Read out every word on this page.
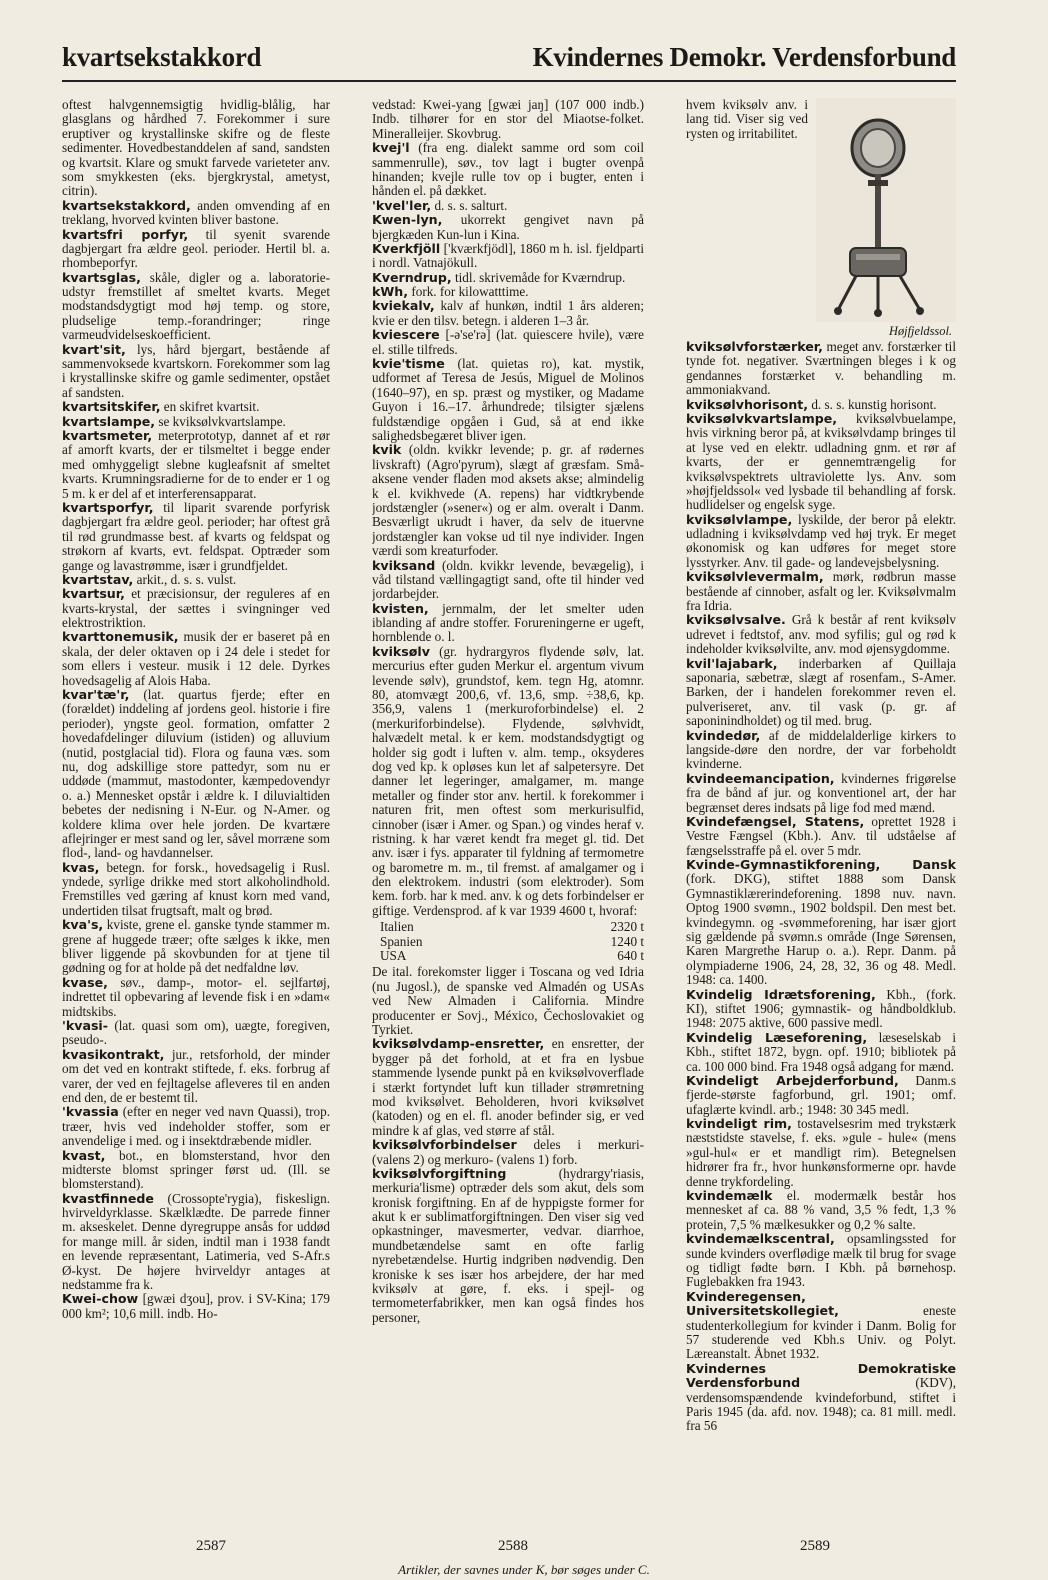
kvartsekstakkord	Kvindernes Demokr. Verdensforbund

oftest halvgennemsigtig hvidlig-blålig, har glasglans og hårdhed 7. Forekommer i sure eruptiver og krystallinske skifre og de fleste sedimenter. Hovedbestanddelen af sand, sandsten og kvartsit. Klare og smukt farvede varieteter anv. som smykkesten (eks. bjergkrystal, ametyst, citrin).

kvartsekstakkord, anden omvending af en treklang, hvorved kvinten bliver bastone.

kvartsfri porfyr, til syenit svarende dagbjergart fra ældre geol. perioder. Hertil bl. a. rhombeporfyr.

kvartsglas, skåle, digler og a. laboratorie-udstyr fremstillet af smeltet kvarts. Meget modstandsdygtigt mod høj temp. og store, pludselige temp.-forandringer; ringe varmeudvidelseskoefficient.

kvart'sit, lys, hård bjergart, bestående af sammenvoksede kvartskorn. Forekommer som lag i krystallinske skifre og gamle sedimenter, opstået af sandsten.

kvartsitskifer, en skifret kvartsit.

kvartslampe, se kviksølvkvartslampe.

kvartsmeter, meterprototyp, dannet af et rør af amorft kvarts, der er tilsmeltet i begge ender med omhyggeligt slebne kugleafsnit af smeltet kvarts. Krumningsradierne for de to ender er 1 og 5 m. k er del af et interferensapparat.

kvartsporfyr, til liparit svarende porfyrisk dagbjergart fra ældre geol. perioder; har oftest grå til rød grundmasse best. af kvarts og feldspat og strøkorn af kvarts, evt. feldspat. Optræder som gange og lavastrømme, især i grundfjeldet.

kvartstav, arkit., d. s. s. vulst.

kvartsur, et præcisionsur, der reguleres af en kvarts-krystal, der sættes i svingninger ved elektrostriktion.

kvarttonemusik, musik der er baseret på en skala, der deler oktaven op i 24 dele i stedet for som ellers i vesteur. musik i 12 dele. Dyrkes hovedsagelig af Alois Haba.

kvar'tæ'r, (lat. quartus fjerde; efter en (forældet) inddeling af jordens geol. historie i fire perioder), yngste geol. formation, omfatter 2 hovedafdelinger diluvium (istiden) og alluvium (nutid, postglacial tid). Flora og fauna væs. som nu, dog adskillige store pattedyr, som nu er uddøde (mammut, mastodonter, kæmpedovendyr o. a.) Mennesket opstår i ældre k. I diluvialtiden bebetes der nedisning i N-Eur. og N-Amer. og koldere klima over hele jorden. De kvartære aflejringer er mest sand og ler, såvel morræne som flod-, land- og havdannelser.

kvas, betegn. for forsk., hovedsagelig i Rusl. yndede, syrlige drikke med stort alkoholindhold. Fremstilles ved gæring af knust korn med vand, undertiden tilsat frugtsaft, malt og brød.

kva's, kviste, grene el. ganske tynde stammer m. grene af huggede træer; ofte sælges k ikke, men bliver liggende på skovbunden for at tjene til gødning og for at holde på det nedfaldne løv.

kvase, søv., damp-, motor- el. sejlfartøj, indrettet til opbevaring af levende fisk i en »dam« midtskibs.

'kvasi- (lat. quasi som om), uægte, foregiven, pseudo-.

kvasikontrakt, jur., retsforhold, der minder om det ved en kontrakt stiftede, f. eks. forbrug af varer, der ved en fejltagelse afleveres til en anden end den, de er bestemt til.

'kvassia (efter en neger ved navn Quassi), trop. træer, hvis ved indeholder stoffer, som er anvendelige i med. og i insektdræbende midler.

kvast, bot., en blomsterstand, hvor den midterste blomst springer først ud. (Ill. se blomsterstand).

kvastfinnede (Crossopte'rygia), fiskeslign. hvirveldyrklasse. Skælklædte. De parrede finner m. akseskelet. Denne dyregruppe ansås for uddød for mange mill. år siden, indtil man i 1938 fandt en levende repræsentant, Latimeria, ved S-Afr.s Ø-kyst. De højere hvirveldyr antages at nedstamme fra k.

Kwei-chow [gwæi dʒou], prov. i SV-Kina; 179 000 km²; 10,6 mill. indb. Ho-

vedstad: Kwei-yang [gwæi jaŋ] (107 000 indb.) Indb. tilhører for en stor del Miaotse-folket. Mineralleijer. Skovbrug.

kvej'l (fra eng. dialekt samme ord som coil sammenrulle), søv., tov lagt i bugter ovenpå hinanden; kvejle rulle tov op i bugter, enten i hånden el. på dækket.

'kvel'ler, d. s. s. salturt.

Kwen-lyn, ukorrekt gengivet navn på bjergkæden Kun-lun i Kina.

Kverkfjöll ['kværkfjödl], 1860 m h. isl. fjeldparti i nordl. Vatnajökull.

Kverndrup, tidl. skrivemåde for Kværndrup.

kWh, fork. for kilowatttime.

kviekalv, kalv af hunkøn, indtil 1 års alderen; kvie er den tilsv. betegn. i alderen 1–3 år.

kviescere [-ə'se'rə] (lat. quiescere hvile), være el. stille tilfreds.

kvie'tisme (lat. quietas ro), kat. mystik, udformet af Teresa de Jesús, Miguel de Molinos (1640–97), en sp. præst og mystiker, og Madame Guyon i 16.–17. århundrede; tilsigter sjælens fuldstændige opgåen i Gud, så at end ikke salighedsbegæret bliver igen.

kvik (oldn. kvikkr levende; p. gr. af rødernes livskraft) (Agro'pyrum), slægt af græsfam. Små-aksene vender fladen mod aksets akse; almindelig k el. kvikhvede (A. repens) har vidtkrybende jordstængler (»sener«) og er alm. overalt i Danm. Besværligt ukrudt i haver, da selv de ituervne jordstængler kan vokse ud til nye individer. Ingen værdi som kreaturfoder.

kviksand (oldn. kvikkr levende, bevægelig), i våd tilstand vællingagtigt sand, ofte til hinder ved jordarbejder.

kvisten, jernmalm, der let smelter uden iblanding af andre stoffer. Forureningerne er ugeft, hornblende o. l.

kviksølv (gr. hydrargyros flydende sølv, lat. mercurius efter guden Merkur el. argentum vivum levende sølv), grundstof, kem. tegn Hg, atomnr. 80, atomvægt 200,6, vf. 13,6, smp. ÷38,6, kp. 356,9, valens 1 (merkuroforbindelse) el. 2 (merkuriforbindelse). Flydende, sølvhvidt, halvædelt metal. k er kem. modstandsdygtigt og holder sig godt i luften v. alm. temp., oksyderes dog ved kp. k opløses kun let af salpetersyre. Det danner let legeringer, amalgamer, m. mange metaller og finder stor anv. hertil. k forekommer i naturen frit, men oftest som merkurisulfid, cinnober (især i Amer. og Span.) og vindes heraf v. ristning. k har været kendt fra meget gl. tid. Det anv. især i fys. apparater til fyldning af termometre og barometre m. m., til fremst. af amalgamer og i den elektrokem. industri (som elektroder). Som kem. forb. har k med. anv. k og dets forbindelser er giftige. Verdensprod. af k var 1939 4600 t, hvoraf:

Italien	2320 t
Spanien	1240 t
USA	640 t

De ital. forekomster ligger i Toscana og ved Idria (nu Jugosl.), de spanske ved Almadén og USAs ved New Almaden i California. Mindre producenter er Sovj., México, Čechoslovakiet og Tyrkiet.

kviksølvdamp-ensretter, en ensretter, der bygger på det forhold, at et fra en lysbue stammende lysende punkt på en kviksølvoverflade i stærkt fortyndet luft kun tillader strømretning mod kviksølvet. Beholderen, hvori kviksølvet (katoden) og en el. fl. anoder befinder sig, er ved mindre k af glas, ved større af stål.

kviksølvforbindelser deles i merkuri- (valens 2) og merkuro- (valens 1) forb.

kviksølvforgiftning	(hydrargy'riasis, merkuria'lisme) optræder dels som akut, dels som kronisk forgiftning. En af de hyppigste former for akut k er sublimatforgiftningen. Den viser sig ved opkastninger, mavesmerter, vedvar. diarrhoe, mundbetændelse samt en ofte farlig nyrebetændelse. Hurtig indgriben nødvendig. Den kroniske k ses især hos arbejdere, der har med kviksølv at gøre, f. eks. i spejl- og termometerfabrikker, men kan også findes hos personer,

Højfjeldssol.

hvem kviksølv anv. i lang tid. Viser sig ved rysten og irritabilitet.

kviksølvforstærker, meget anv. forstærker til tynde fot. negativer. Sværtningen bleges i k og gendannes forstærket v. behandling m. ammoniakvand.

kviksølvhorisont, d. s. s. kunstig horisont.

kviksølvkvartslampe, kviksølvbuelampe, hvis virkning beror på, at kviksølvdamp bringes til at lyse ved en elektr. udladning gnm. et rør af kvarts, der er gennemtrængelig for kviksølvspektrets ultraviolette lys. Anv. som »højfjeldssol« ved lysbade til behandling af forsk. hudlidelser og engelsk syge.

kviksølvlampe, lyskilde, der beror på elektr. udladning i kviksølvdamp ved høj tryk. Er meget økonomisk og kan udføres for meget store lysstyrker. Anv. til gade- og landevejsbelysning.

kviksølvlevermalm, mørk, rødbrun masse bestående af cinnober, asfalt og ler. Kviksølvmalm fra Idria.

kviksølvsalve. Grå k består af rent kviksølv udrevet i fedtstof, anv. mod syfilis; gul og rød k indeholder kviksølvilte, anv. mod øjensygdomme.

kvil'lajabark, inderbarken af Quillaja saponaria, sæbetræ, slægt af rosenfam., S-Amer. Barken, der i handelen forekommer reven el. pulveriseret, anv. til vask (p. gr. af saponinindholdet) og til med. brug.

kvindedør, af de middelalderlige kirkers to langside-døre den nordre, der var forbeholdt kvinderne.

kvindeemancipation, kvindernes frigørelse fra de bånd af jur. og konventionel art, der har begrænset deres indsats på lige fod med mænd.

Kvindefængsel, Statens, oprettet 1928 i Vestre Fængsel (Kbh.). Anv. til udståelse af fængselsstraffe på el. over 5 mdr.

Kvinde-Gymnastikforening, Dansk (fork. DKG), stiftet 1888 som Dansk Gymnastiklærerindeforening. 1898 nuv. navn. Optog 1900 svømn., 1902 boldspil. Den mest bet. kvindegymn. og -svømmeforening, har især gjort sig gældende på svømn.s område (Inge Sørensen, Karen Margrethe Harup o. a.). Repr. Danm. på olympiaderne 1906, 24, 28, 32, 36 og 48. Medl. 1948: ca. 1400.

Kvindelig Idrætsforening, Kbh., (fork. KI), stiftet 1906; gymnastik- og håndboldklub. 1948: 2075 aktive, 600 passive medl.

Kvindelig Læseforening, læseselskab i Kbh., stiftet 1872, bygn. opf. 1910; bibliotek på ca. 100 000 bind. Fra 1948 også adgang for mænd.

Kvindeligt Arbejderforbund, Danm.s fjerde-største fagforbund, grl. 1901; omf. ufaglærte kvindl. arb.; 1948: 30 345 medl.

kvindeligt rim, tostavelsesrim med trykstærk næststidste stavelse, f. eks. »gule - hule« (mens »gul-hul« er et mandligt rim). Betegnelsen hidrører fra fr., hvor hunkønsformerne opr. havde denne trykfordeling.

kvindemælk el. modermælk består hos mennesket af ca. 88 % vand, 3,5 % fedt, 1,3 % protein, 7,5 % mælkesukker og 0,2 % salte.

kvindemælkscentral, opsamlingssted for sunde kvinders overflødige mælk til brug for svage og tidligt fødte børn. I Kbh. på børnehosp. Fuglebakken fra 1943.

Kvinderegensen, Universitetskollegiet,	eneste studenterkollegium for kvinder i Danm. Bolig for 57 studerende ved Kbh.s Univ. og Polyt. Læreanstalt. Åbnet 1932.

Kvindernes Demokratiske Verdensforbund	(KDV), verdensomspændende kvindeforbund, stiftet i Paris 1945 (da. afd. nov. 1948); ca. 81 mill. medl. fra 56

2587	2588	2589
Artikler, der savnes under K, bør søges under C.
